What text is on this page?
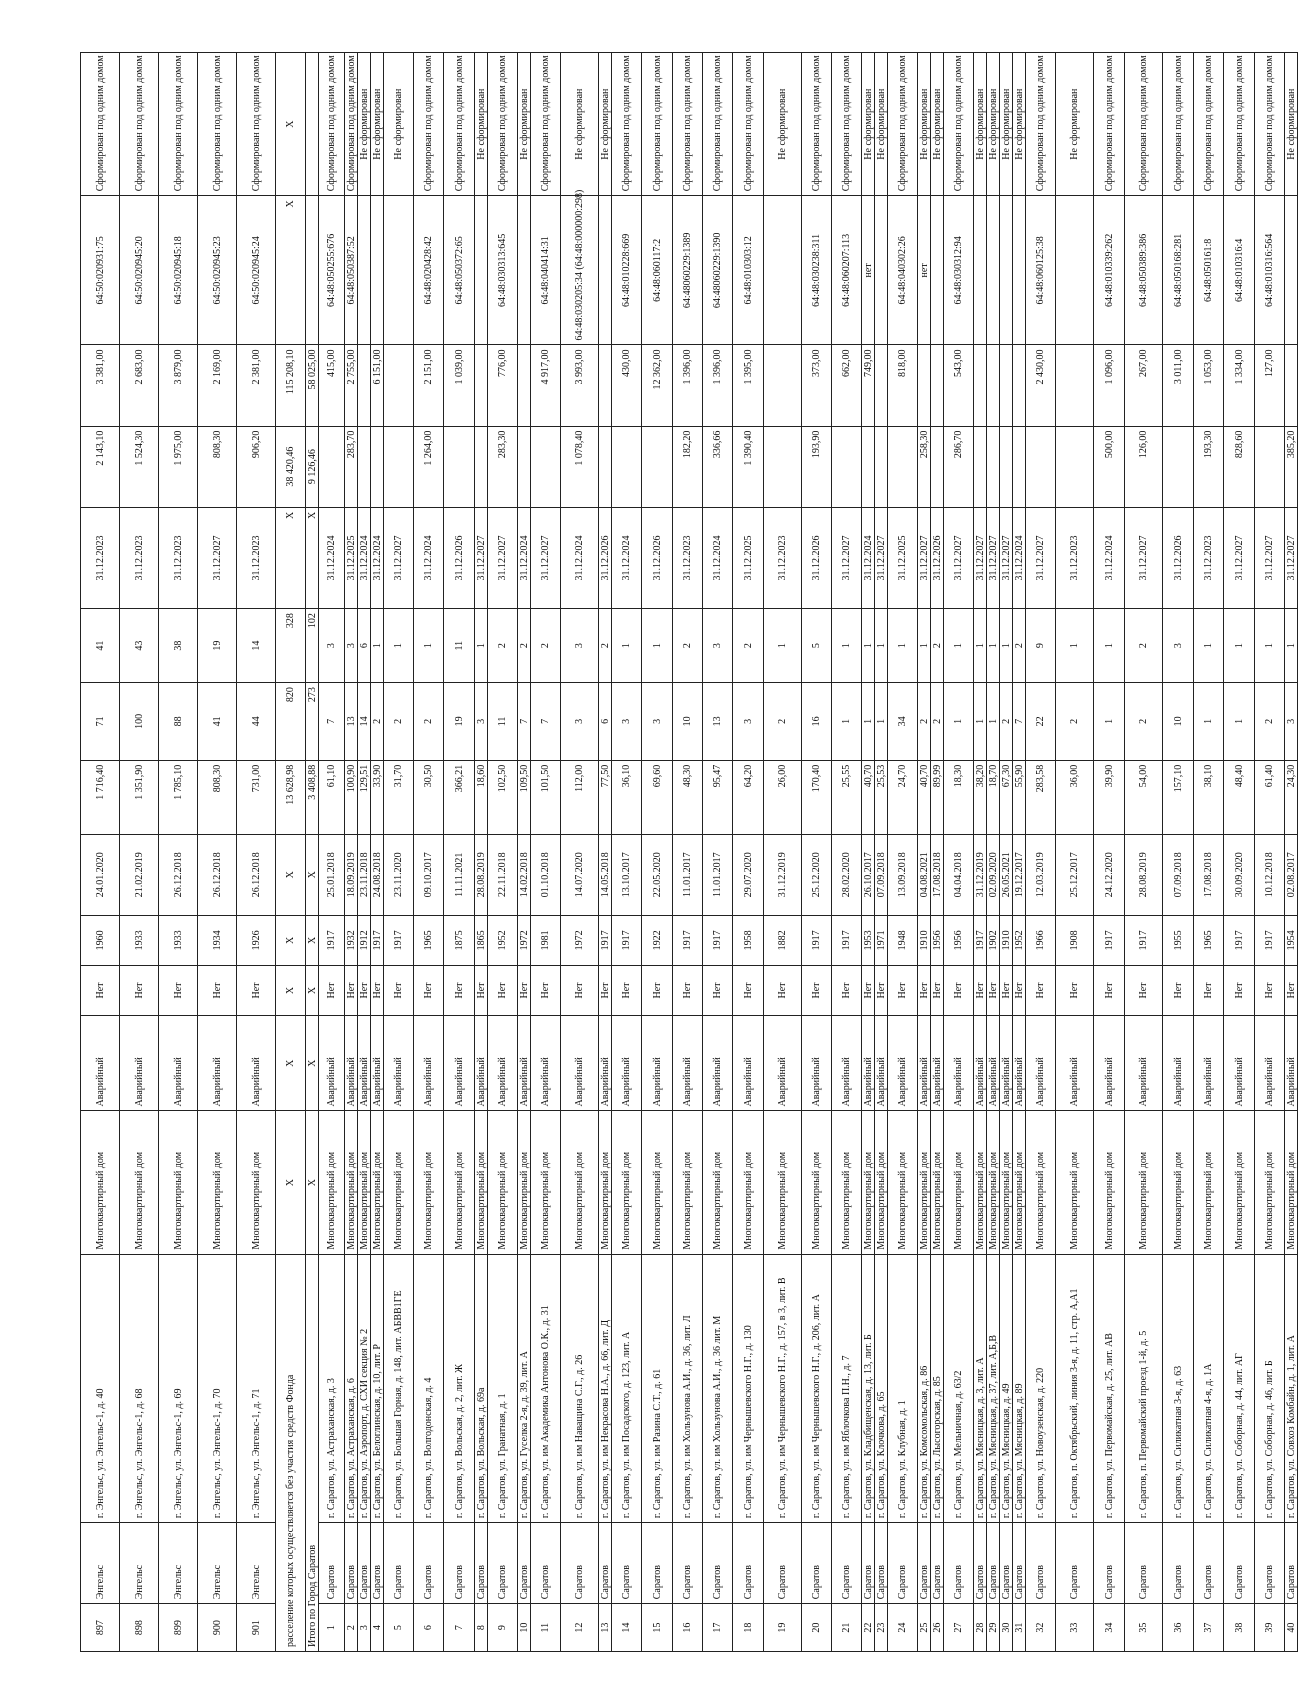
897	Энгельс	г. Энгельс, ул. Энгельс-1, д. 40	Многоквартирный дом	Аварийный	Нет	1960	24.01.2020	1 716,40	71	41	31.12.2023	2 143,10	3 381,00	64:50:020931:75	Сформирован под одним домом
898	Энгельс	г. Энгельс, ул. Энгельс-1, д. 68	Многоквартирный дом	Аварийный	Нет	1933	21.02.2019	1 351,90	100	43	31.12.2023	1 524,30	2 683,00	64:50:020945:20	Сформирован под одним домом
899	Энгельс	г. Энгельс, ул. Энгельс-1, д. 69	Многоквартирный дом	Аварийный	Нет	1933	26.12.2018	1 785,10	88	38	31.12.2023	1 975,00	3 879,00	64:50:020945:18	Сформирован под одним домом
900	Энгельс	г. Энгельс, ул. Энгельс-1, д. 70	Многоквартирный дом	Аварийный	Нет	1934	26.12.2018	808,30	41	19	31.12.2027	808,30	2 169,00	64:50:020945:23	Сформирован под одним домом
901	Энгельс	г. Энгельс, ул. Энгельс-1, д. 71	Многоквартирный дом	Аварийный	Нет	1926	26.12.2018	731,00	44	14	31.12.2023	906,20	2 381,00	64:50:020945:24	Сформирован под одним домом
расселение которых осуществляется без участия средств Фонда			X	X	X	X	X	13 628,98	820	328	X	38 420,46	115 208,10	X	X
Итого по Город Саратов			X	X	X	X	X	3 408,88	273	102	X	9 126,46	58 025,00		
1	Саратов	г. Саратов, ул. Астраханская, д. 3	Многоквартирный дом	Аварийный	Нет	1917	25.01.2018	61,10	7	3	31.12.2024		415,00	64:48:050255:676	Сформирован под одним домом
2	Саратов	г. Саратов, ул. Астраханская, д. 6	Многоквартирный дом	Аварийный	Нет	1932	18.09.2019	100,90	13	3	31.12.2025	283,70	2 755,00	64:48:050387:52	Сформирован под одним домом
3	Саратов	г. Саратов, ул. Аэропорт, д. СХИ секция № 2	Многоквартирный дом	Аварийный	Нет	1912	23.11.2018	129,51	14	6	31.12.2024				Не сформирован
4	Саратов	г. Саратов, ул. Белоглинская, д. 10, лит. Р	Многоквартирный дом	Аварийный	Нет	1917	24.08.2018	33,90	2	1	31.12.2024		6 151,00		Не сформирован
5	Саратов	г. Саратов, ул. Большая Горная, д. 148, лит. АБВВ1ГЕ	Многоквартирный дом	Аварийный	Нет	1917	23.11.2020	31,70	2	1	31.12.2027				Не сформирован
6	Саратов	г. Саратов, ул. Волгодонская, д. 4	Многоквартирный дом	Аварийный	Нет	1965	09.10.2017	30,50	2	1	31.12.2024	1 264,00	2 151,00	64:48:020428:42	Сформирован под одним домом
7	Саратов	г. Саратов, ул. Вольская, д. 2, лит. Ж	Многоквартирный дом	Аварийный	Нет	1875	11.11.2021	366,21	19	11	31.12.2026		1 039,00	64:48:050372:65	Сформирован под одним домом
8	Саратов	г. Саратов, ул. Вольская, д. 69а	Многоквартирный дом	Аварийный	Нет	1865	28.08.2019	18,60	3	1	31.12.2027				Не сформирован
9	Саратов	г. Саратов, ул. Гранатная, д. 1	Многоквартирный дом	Аварийный	Нет	1952	22.11.2018	102,50	11	2	31.12.2027	283,30	776,00	64:48:030313:645	Сформирован под одним домом
10	Саратов	г. Саратов, ул. Гуселка 2-я, д. 39, лит. А	Многоквартирный дом	Аварийный	Нет	1972	14.02.2018	109,50	7	2	31.12.2024				Не сформирован
11	Саратов	г. Саратов, ул. им Академика Антонова О.К., д. 31	Многоквартирный дом	Аварийный	Нет	1981	01.10.2018	101,50	7	2	31.12.2027		4 917,00	64:48:040414:31	Сформирован под одним домом
12	Саратов	г. Саратов, ул. им Наващина С.Г., д. 26	Многоквартирный дом	Аварийный	Нет	1972	14.07.2020	112,00	3	3	31.12.2024	1 078,40	3 993,00	64:48:030205:34 (64:48:000000:298)	Не сформирован
13	Саратов	г. Саратов, ул. им Некрасова Н.А., д. 66, лит. Д	Многоквартирный дом	Аварийный	Нет	1917	14.05.2018	77,50	6	2	31.12.2026				Не сформирован
14	Саратов	г. Саратов, ул. им Посадского, д. 123, лит. А	Многоквартирный дом	Аварийный	Нет	1917	13.10.2017	36,10	3	1	31.12.2024		430,00	64:48:010228:669	Сформирован под одним домом
15	Саратов	г. Саратов, ул. им Разина С.Т., д. 61	Многоквартирный дом	Аварийный	Нет	1922	22.05.2020	69,60	3	1	31.12.2026		12 362,00	64:48:060117:2	Сформирован под одним домом
16	Саратов	г. Саратов, ул. им Хользунова А.И., д. 36, лит. Л	Многоквартирный дом	Аварийный	Нет	1917	11.01.2017	48,30	10	2	31.12.2023	182,20	1 396,00	64:48060229:1389	Сформирован под одним домом
17	Саратов	г. Саратов, ул. им Хользунова А.И., д. 36 лит. М	Многоквартирный дом	Аварийный	Нет	1917	11.01.2017	95,47	13	3	31.12.2024	336,66	1 396,00	64:48060229:1390	Сформирован под одним домом
18	Саратов	г. Саратов, ул. им Чернышевского Н.Г., д. 130	Многоквартирный дом	Аварийный	Нет	1958	29.07.2020	64,20	3	2	31.12.2025	1 390,40	1 395,00	64:48:010303:12	Сформирован под одним домом
19	Саратов	г. Саратов, ул. им Чернышевского Н.Г., д. 157, в 3, лит. В	Многоквартирный дом	Аварийный	Нет	1882	31.12.2019	26,00	2	1	31.12.2023				Не сформирован
20	Саратов	г. Саратов, ул. им Чернышевского Н.Г., д. 206, лит. А	Многоквартирный дом	Аварийный	Нет	1917	25.12.2020	170,40	16	5	31.12.2026	193,90	373,00	64:48:030238:311	Сформирован под одним домом
21	Саратов	г. Саратов, ул. им Яблочкова П.Н., д. 7	Многоквартирный дом	Аварийный	Нет	1917	28.02.2020	25,55	1	1	31.12.2027		662,00	64:48:060207:113	Сформирован под одним домом
22	Саратов	г. Саратов, ул. Кладбищенская, д. 13, лит. Б	Многоквартирный дом	Аварийный	Нет	1953	26.10.2017	40,70	1	1	31.12.2024		749,00	нет	Не сформирован
23	Саратов	г. Саратов, ул. Клочкова, д. 65	Многоквартирный дом	Аварийный	Нет	1971	07.09.2018	25,53	1	1	31.12.2027				Не сформирован
24	Саратов	г. Саратов, ул. Клубная, д. 1	Многоквартирный дом	Аварийный	Нет	1948	13.09.2018	24,70	34	1	31.12.2025		818,00	64:48:040302:26	Сформирован под одним домом
25	Саратов	г. Саратов, ул. Комсомольская, д. 86	Многоквартирный дом	Аварийный	Нет	1910	04.08.2021	40,70	2	1	31.12.2027	258,30		нет	Не сформирован
26	Саратов	г. Саратов, ул. Лысогорская, д. 85	Многоквартирный дом	Аварийный	Нет	1956	17.08.2018	89,99	2	2	31.12.2026				Не сформирован
27	Саратов	г. Саратов, ул. Мельничная, д. 63/2	Многоквартирный дом	Аварийный	Нет	1956	04.04.2018	18,30	1	1	31.12.2027	286,70	543,00	64:48:030312:94	Сформирован под одним домом
28	Саратов	г. Саратов, ул. Мясницкая, д. 3, лит. А	Многоквартирный дом	Аварийный	Нет	1917	31.12.2019	38,20	1	1	31.12.2027				Не сформирован
29	Саратов	г. Саратов, ул. Мясницкая, д. 37, лит. А,Б,В	Многоквартирный дом	Аварийный	Нет	1902	02.09.2020	18,70	1	1	31.12.2027				Не сформирован
30	Саратов	г. Саратов, ул. Мясницкая, д. 49	Многоквартирный дом	Аварийный	Нет	1910	26.05.2021	67,30	2	1	31.12.2027				Не сформирован
31	Саратов	г. Саратов, ул. Мясницкая, д. 89	Многоквартирный дом	Аварийный	Нет	1952	19.12.2017	55,90	7	2	31.12.2024				Не сформирован
32	Саратов	г. Саратов, ул. Новоузенская, д. 220	Многоквартирный дом	Аварийный	Нет	1966	12.03.2019	283,58	22	9	31.12.2027		2 430,00	64:48:060125:38	Сформирован под одним домом
33	Саратов	г. Саратов, п. Октябрьский, линия 3-я, д. 11, стр. А,А1	Многоквартирный дом	Аварийный	Нет	1908	25.12.2017	36,00	2	1	31.12.2023				Не сформирован
34	Саратов	г. Саратов, ул. Первомайская, д. 25, лит. АВ	Многоквартирный дом	Аварийный	Нет	1917	24.12.2020	39,90	1	1	31.12.2024	500,00	1 096,00	64:48:010339:262	Сформирован под одним домом
35	Саратов	г. Саратов, п. Первомайский проезд 1-й, д. 5	Многоквартирный дом	Аварийный	Нет	1917	28.08.2019	54,00	2	2	31.12.2027	126,00	267,00	64:48:050389:386	Сформирован под одним домом
36	Саратов	г. Саратов, ул. Силикатная 3-я, д. 63	Многоквартирный дом	Аварийный	Нет	1955	07.09.2018	157,10	10	3	31.12.2026		3 011,00	64:48:050168:281	Сформирован под одним домом
37	Саратов	г. Саратов, ул. Силикатная 4-я, д. 1А	Многоквартирный дом	Аварийный	Нет	1965	17.08.2018	38,10	1	1	31.12.2023	193,30	1 053,00	64:48:050161:8	Сформирован под одним домом
38	Саратов	г. Саратов, ул. Соборная, д. 44, лит. АГ	Многоквартирный дом	Аварийный	Нет	1917	30.09.2020	48,40	1	1	31.12.2027	828,60	1 334,00	64:48:010316:4	Сформирован под одним домом
39	Саратов	г. Саратов, ул. Соборная, д. 46, лит. Б	Многоквартирный дом	Аварийный	Нет	1917	10.12.2018	61,40	2	1	31.12.2027		127,00	64:48:010316:564	Сформирован под одним домом
40	Саратов	г. Саратов, ул. Совхоз Комбайн, д. 1, лит. А	Многоквартирный дом	Аварийный	Нет	1954	02.08.2017	24,30	3	1	31.12.2027	385,20			Не сформирован
